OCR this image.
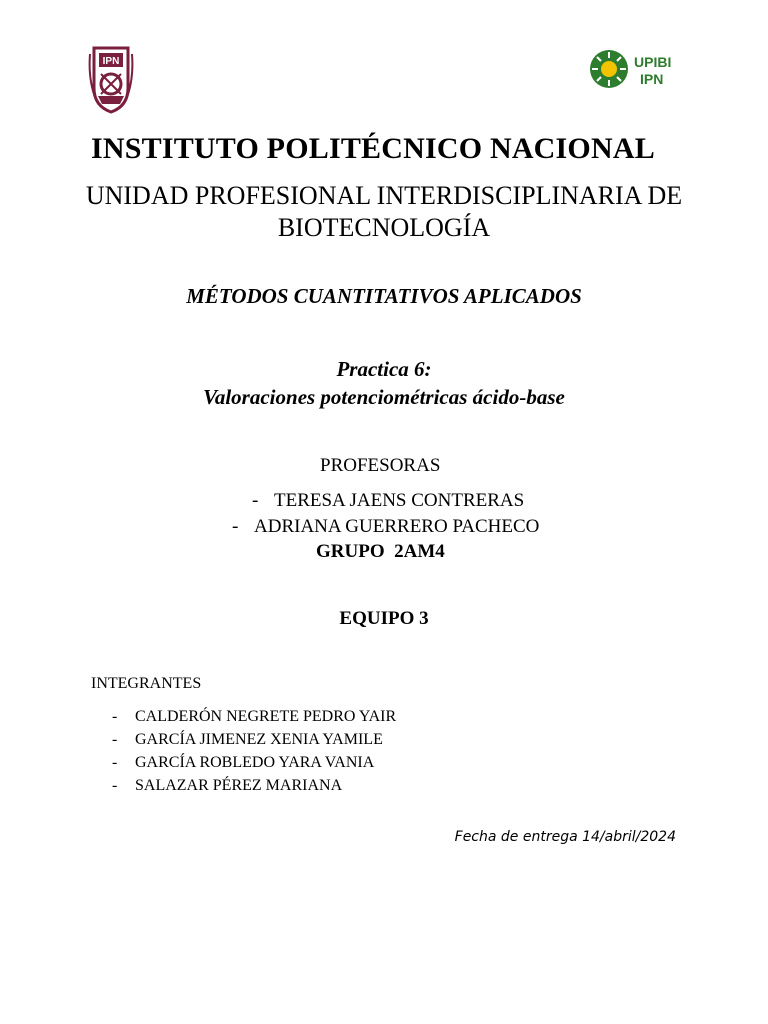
IPN	UPIBI
IPN
INSTITUTO POLITÉCNICO NACIONAL
UNIDAD PROFESIONAL INTERDISCIPLINARIA DE
BIOTECNOLOGÍA
MÉTODOS CUANTITATIVOS APLICADOS
Practica 6:
Valoraciones potenciométricas ácido-base
PROFESORAS
- TERESA JAENS CONTRERAS
- ADRIANA GUERRERO PACHECO
GRUPO  2AM4
EQUIPO 3
INTEGRANTES
- CALDERÓN NEGRETE PEDRO YAIR
- GARCÍA JIMENEZ XENIA YAMILE
- GARCÍA ROBLEDO YARA VANIA
- SALAZAR PÉREZ MARIANA
Fecha de entrega 14/abril/2024
